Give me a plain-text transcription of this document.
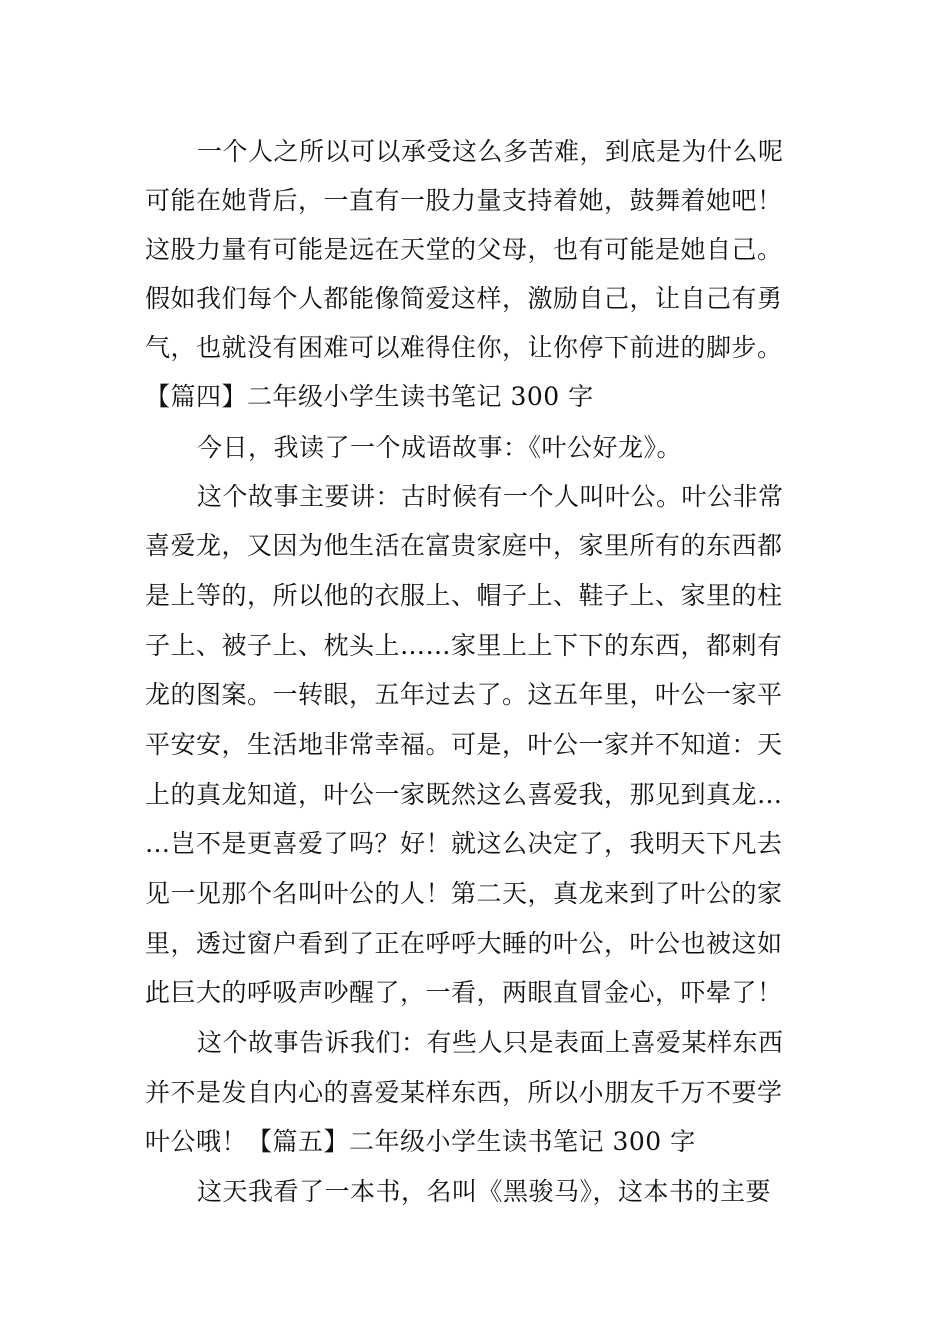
一个人之所以可以承受这么多苦难，到底是为什么呢
可能在她背后，一直有一股力量支持着她，鼓舞着她吧！
这股力量有可能是远在天堂的父母，也有可能是她自己。
假如我们每个人都能像简爱这样，激励自己，让自己有勇
气，也就没有困难可以难得住你，让你停下前进的脚步。
【篇四】二年级小学生读书笔记 300 字
今日，我读了一个成语故事：《叶公好龙》。
这个故事主要讲：古时候有一个人叫叶公。叶公非常
喜爱龙，又因为他生活在富贵家庭中，家里所有的东西都
是上等的，所以他的衣服上、帽子上、鞋子上、家里的柱
子上、被子上、枕头上……家里上上下下的东西，都刺有
龙的图案。一转眼，五年过去了。这五年里，叶公一家平
平安安，生活地非常幸福。可是，叶公一家并不知道：天
上的真龙知道，叶公一家既然这么喜爱我，那见到真龙…
…岂不是更喜爱了吗？好！就这么决定了，我明天下凡去
见一见那个名叫叶公的人！第二天，真龙来到了叶公的家
里，透过窗户看到了正在呼呼大睡的叶公，叶公也被这如
此巨大的呼吸声吵醒了，一看，两眼直冒金心，吓晕了！
这个故事告诉我们：有些人只是表面上喜爱某样东西
并不是发自内心的喜爱某样东西，所以小朋友千万不要学
叶公哦！【篇五】二年级小学生读书笔记 300 字
这天我看了一本书，名叫《黑骏马》，这本书的主要
